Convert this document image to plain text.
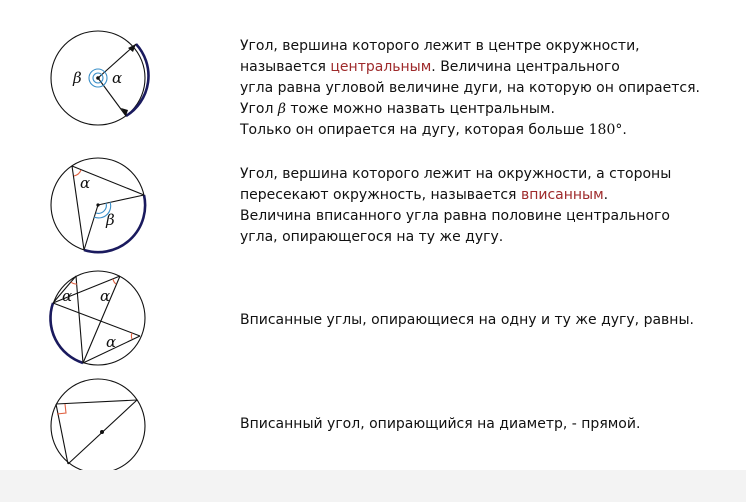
α
β
Угол, вершина которого лежит в центре окружности,
называется центральным. Величина центрального
угла равна угловой величине дуги, на которую он опирается.
Угол β тоже можно назвать центральным.
Только он опирается на дугу, которая больше 180°.
α
β
Угол, вершина которого лежит на окружности, а стороны
пересекают окружность, называется вписанным.
Величина вписанного угла равна половине центрального
угла, опирающегося на ту же дугу.
α α
α
Вписанные углы, опирающиеся на одну и ту же дугу, равны.
Вписанный угол, опирающийся на диаметр, - прямой.
